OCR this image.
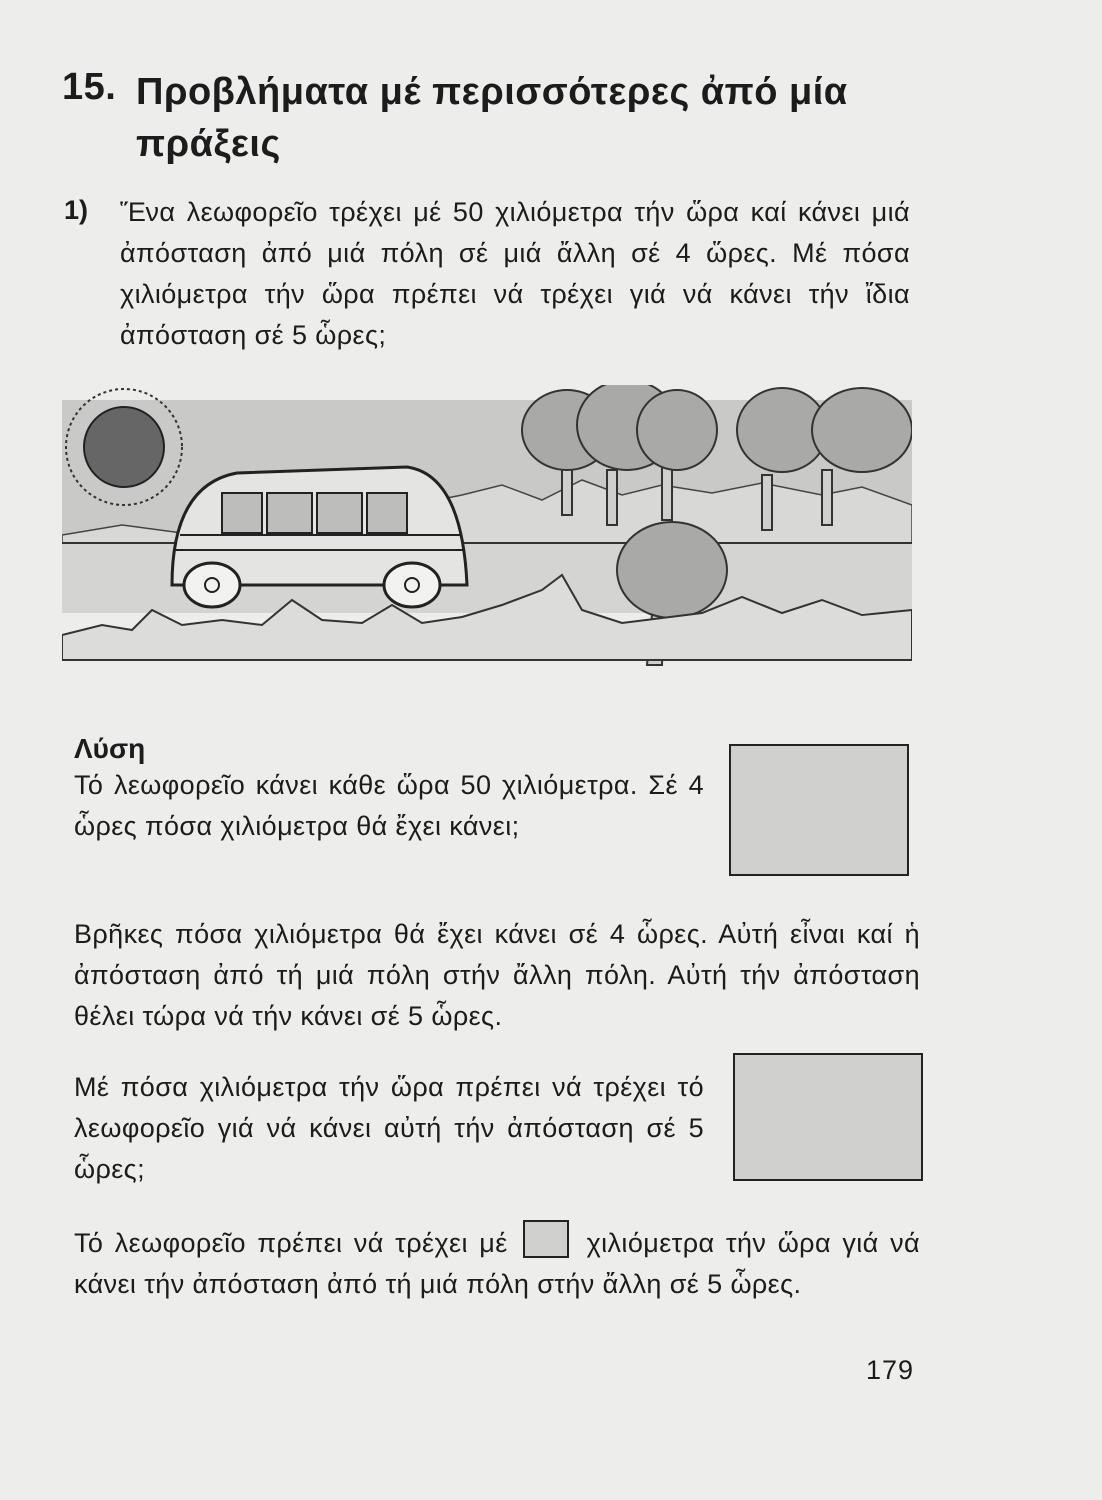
15. Προβλήματα μέ περισσότερες ἀπό μία πράξεις
1) Ἕνα λεωφορεῖο τρέχει μέ 50 χιλιόμετρα τήν ὥρα καί κάνει μιά ἀπόσταση ἀπό μιά πόλη σέ μιά ἄλλη σέ 4 ὥρες. Μέ πόσα χιλιόμετρα τήν ὥρα πρέπει νά τρέχει γιά νά κάνει τήν ἴδια ἀπόσταση σέ 5 ὧρες;
Λύση
Τό λεωφορεῖο κάνει κάθε ὥρα 50 χιλιόμετρα. Σέ 4 ὧρες πόσα χιλιόμετρα θά ἔχει κάνει;
Βρῆκες πόσα χιλιόμετρα θά ἔχει κάνει σέ 4 ὧρες. Αὐτή εἶναι καί ἡ ἀπόσταση ἀπό τή μιά πόλη στήν ἄλλη πόλη. Αὐτή τήν ἀπόσταση θέλει τώρα νά τήν κάνει σέ 5 ὧρες.
Μέ πόσα χιλιόμετρα τήν ὥρα πρέπει νά τρέχει τό λεωφορεῖο γιά νά κάνει αὐτή τήν ἀπόσταση σέ 5 ὧρες;
Τό λεωφορεῖο πρέπει νά τρέχει μέ	χιλιόμετρα τήν ὥρα γιά νά κάνει τήν ἀπόσταση ἀπό τή μιά πόλη στήν ἄλλη σέ 5 ὧρες.
179
